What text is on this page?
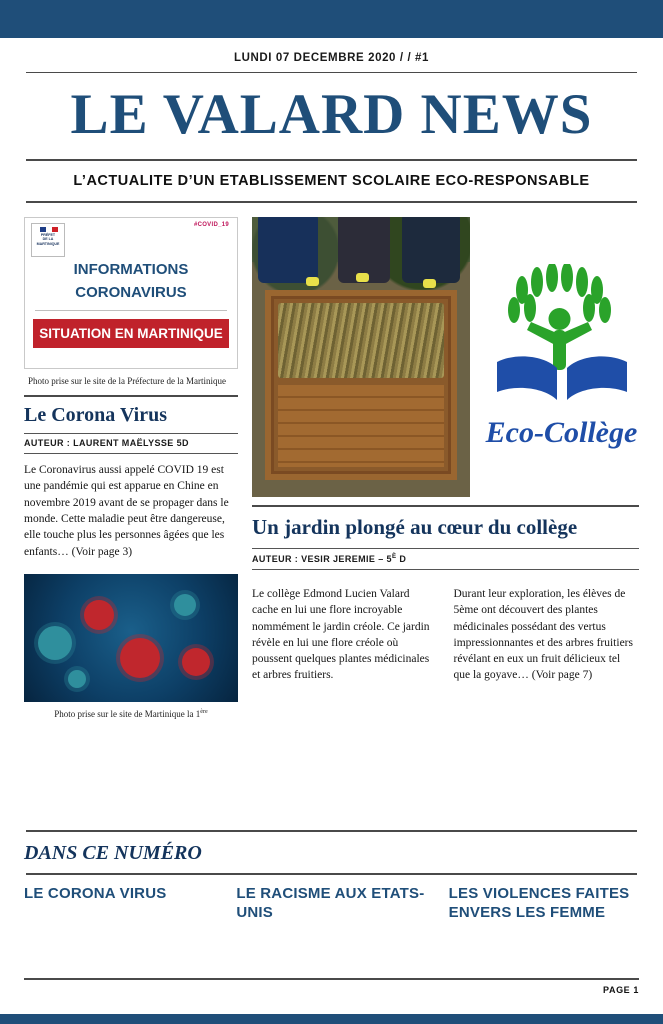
LUNDI 07 DECEMBRE 2020 / / #1
LE VALARD NEWS
L’ACTUALITE D’UN ETABLISSEMENT SCOLAIRE ECO-RESPONSABLE
#COVID_19
PRÉFET
DE LA
MARTINIQUE
INFORMATIONS
CORONAVIRUS
SITUATION EN MARTINIQUE
Photo prise sur le site de la Préfecture de la Martinique
Le Corona Virus
AUTEUR : LAURENT MAËLYSSE 5D
Le Coronavirus aussi appelé COVID 19 est une pandémie qui est apparue en Chine en novembre 2019 avant de se propager dans le monde. Cette maladie peut être dangereuse, elle touche plus les personnes âgées que les enfants… (Voir page 3)
Photo prise sur le site de Martinique la 1ère
Eco-Collège
Un jardin plongé au cœur du collège
AUTEUR : VESIR JEREMIE – $5^È$ D
Le collège Edmond Lucien Valard cache en lui une flore incroyable nommément le jardin créole. Ce jardin révèle en lui une flore créole où poussent quelques plantes médicinales et arbres fruitiers.
Durant leur exploration, les élèves de 5ème ont découvert des plantes médicinales possédant des vertus impressionnantes et des arbres fruitiers révélant en eux un fruit délicieux tel que la goyave… (Voir page 7)
DANS CE NUMÉRO
LE CORONA VIRUS	LE RACISME AUX ETATS-UNIS
LES VIOLENCES FAITES ENVERS LES FEMME
PAGE 1
